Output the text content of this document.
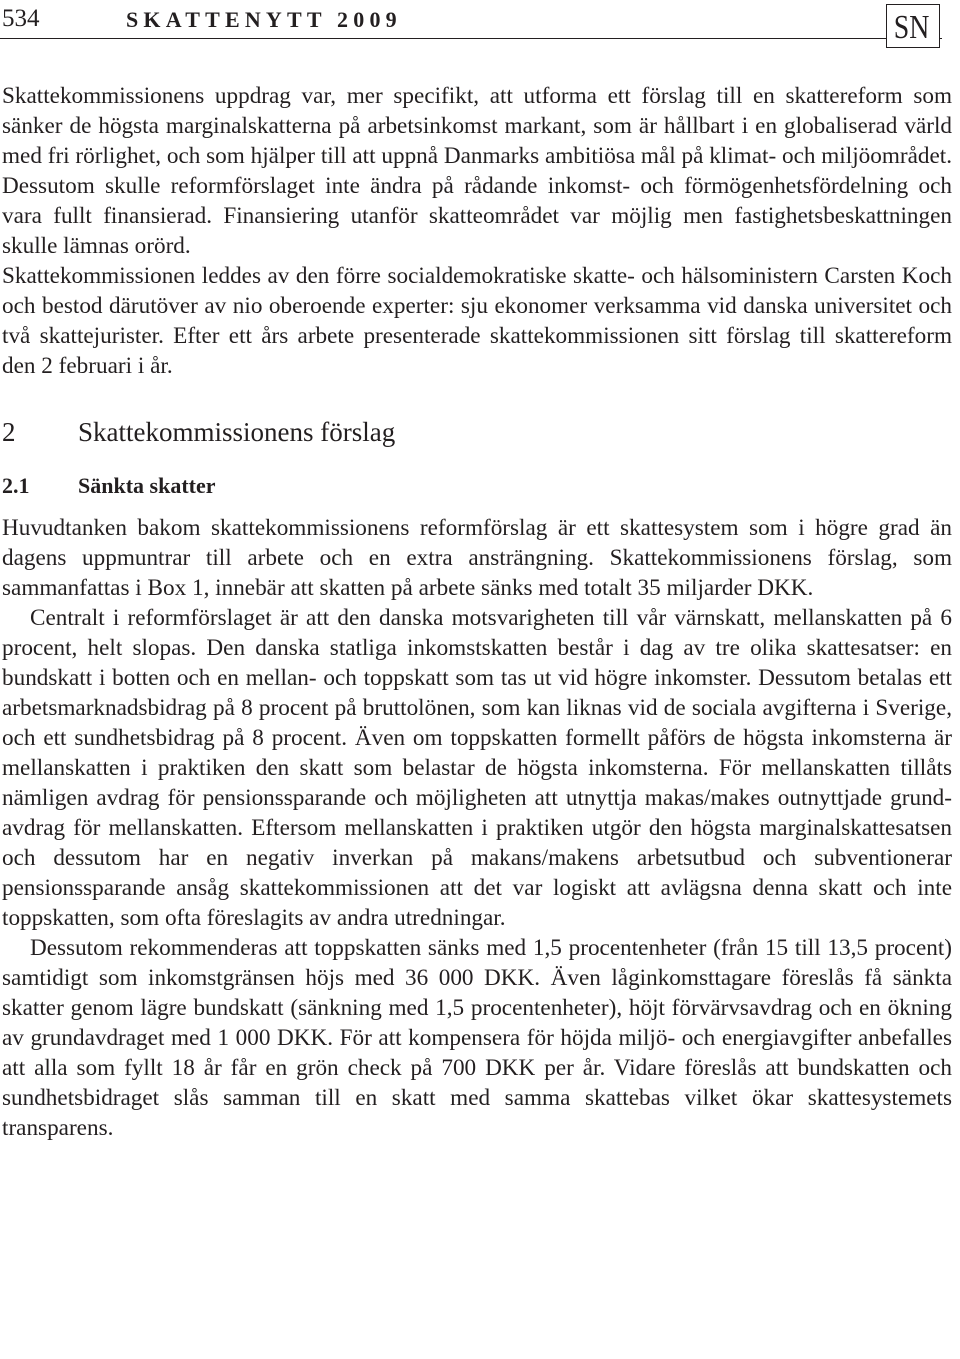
534	SKATTENYTT 2009	SN

Skattekommissionens uppdrag var, mer specifikt, att utforma ett förslag till en skattereform som sänker de högsta marginalskatterna på arbetsinkomst markant, som är hållbart i en globaliserad värld med fri rörlighet, och som hjälper till att uppnå Danmarks ambitiösa mål på klimat- och miljöområdet. Dessutom skulle reformförslaget inte ändra på rådande inkomst- och förmögenhetsfördelning och vara fullt finansierad. Finansiering utanför skatteområdet var möjlig men fastighetsbeskattningen skulle lämnas orörd.

Skattekommissionen leddes av den förre socialdemokratiske skatte- och hälsoministern Carsten Koch och bestod därutöver av nio oberoende experter: sju ekonomer verksamma vid danska universitet och två skattejurister. Efter ett års arbete presenterade skattekommissionen sitt förslag till skattereform den 2 februari i år.

2 Skattekommissionens förslag
2.1 Sänkta skatter

Huvudtanken bakom skattekommissionens reformförslag är ett skattesystem som i högre grad än dagens uppmuntrar till arbete och en extra ansträngning. Skattekommissionens förslag, som sammanfattas i Box 1, innebär att skatten på arbete sänks med totalt 35 miljarder DKK.

Centralt i reformförslaget är att den danska motsvarigheten till vår värnskatt, mellanskatten på 6 procent, helt slopas. Den danska statliga inkomstskatten består i dag av tre olika skattesatser: en bundskatt i botten och en mellan- och toppskatt som tas ut vid högre inkomster. Dessutom betalas ett arbetsmarknadsbidrag på 8 procent på bruttolönen, som kan liknas vid de sociala avgifterna i Sverige, och ett sundhetsbidrag på 8 procent. Även om toppskatten formellt påförs de högsta inkomsterna är mellanskatten i praktiken den skatt som belastar de högsta inkomsterna. För mellanskatten tillåts nämligen avdrag för pensionssparande och möjligheten att utnyttja makas/makes outnyttjade grundavdrag för mellanskatten. Eftersom mellanskatten i praktiken utgör den högsta marginalskattesatsen och dessutom har en negativ inverkan på makans/makens arbetsutbud och subventionerar pensionssparande ansåg skattekommissionen att det var logiskt att avlägsna denna skatt och inte toppskatten, som ofta föreslagits av andra utredningar.

Dessutom rekommenderas att toppskatten sänks med 1,5 procentenheter (från 15 till 13,5 procent) samtidigt som inkomstgränsen höjs med 36 000 DKK. Även låginkomsttagare föreslås få sänkta skatter genom lägre bundskatt (sänkning med 1,5 procentenheter), höjt förvärvsavdrag och en ökning av grundavdraget med 1 000 DKK. För att kompensera för höjda miljö- och energiavgifter anbefalles att alla som fyllt 18 år får en grön check på 700 DKK per år. Vidare föreslås att bundskatten och sundhetsbidraget slås samman till en skatt med samma skattebas vilket ökar skattesystemets transparens.
